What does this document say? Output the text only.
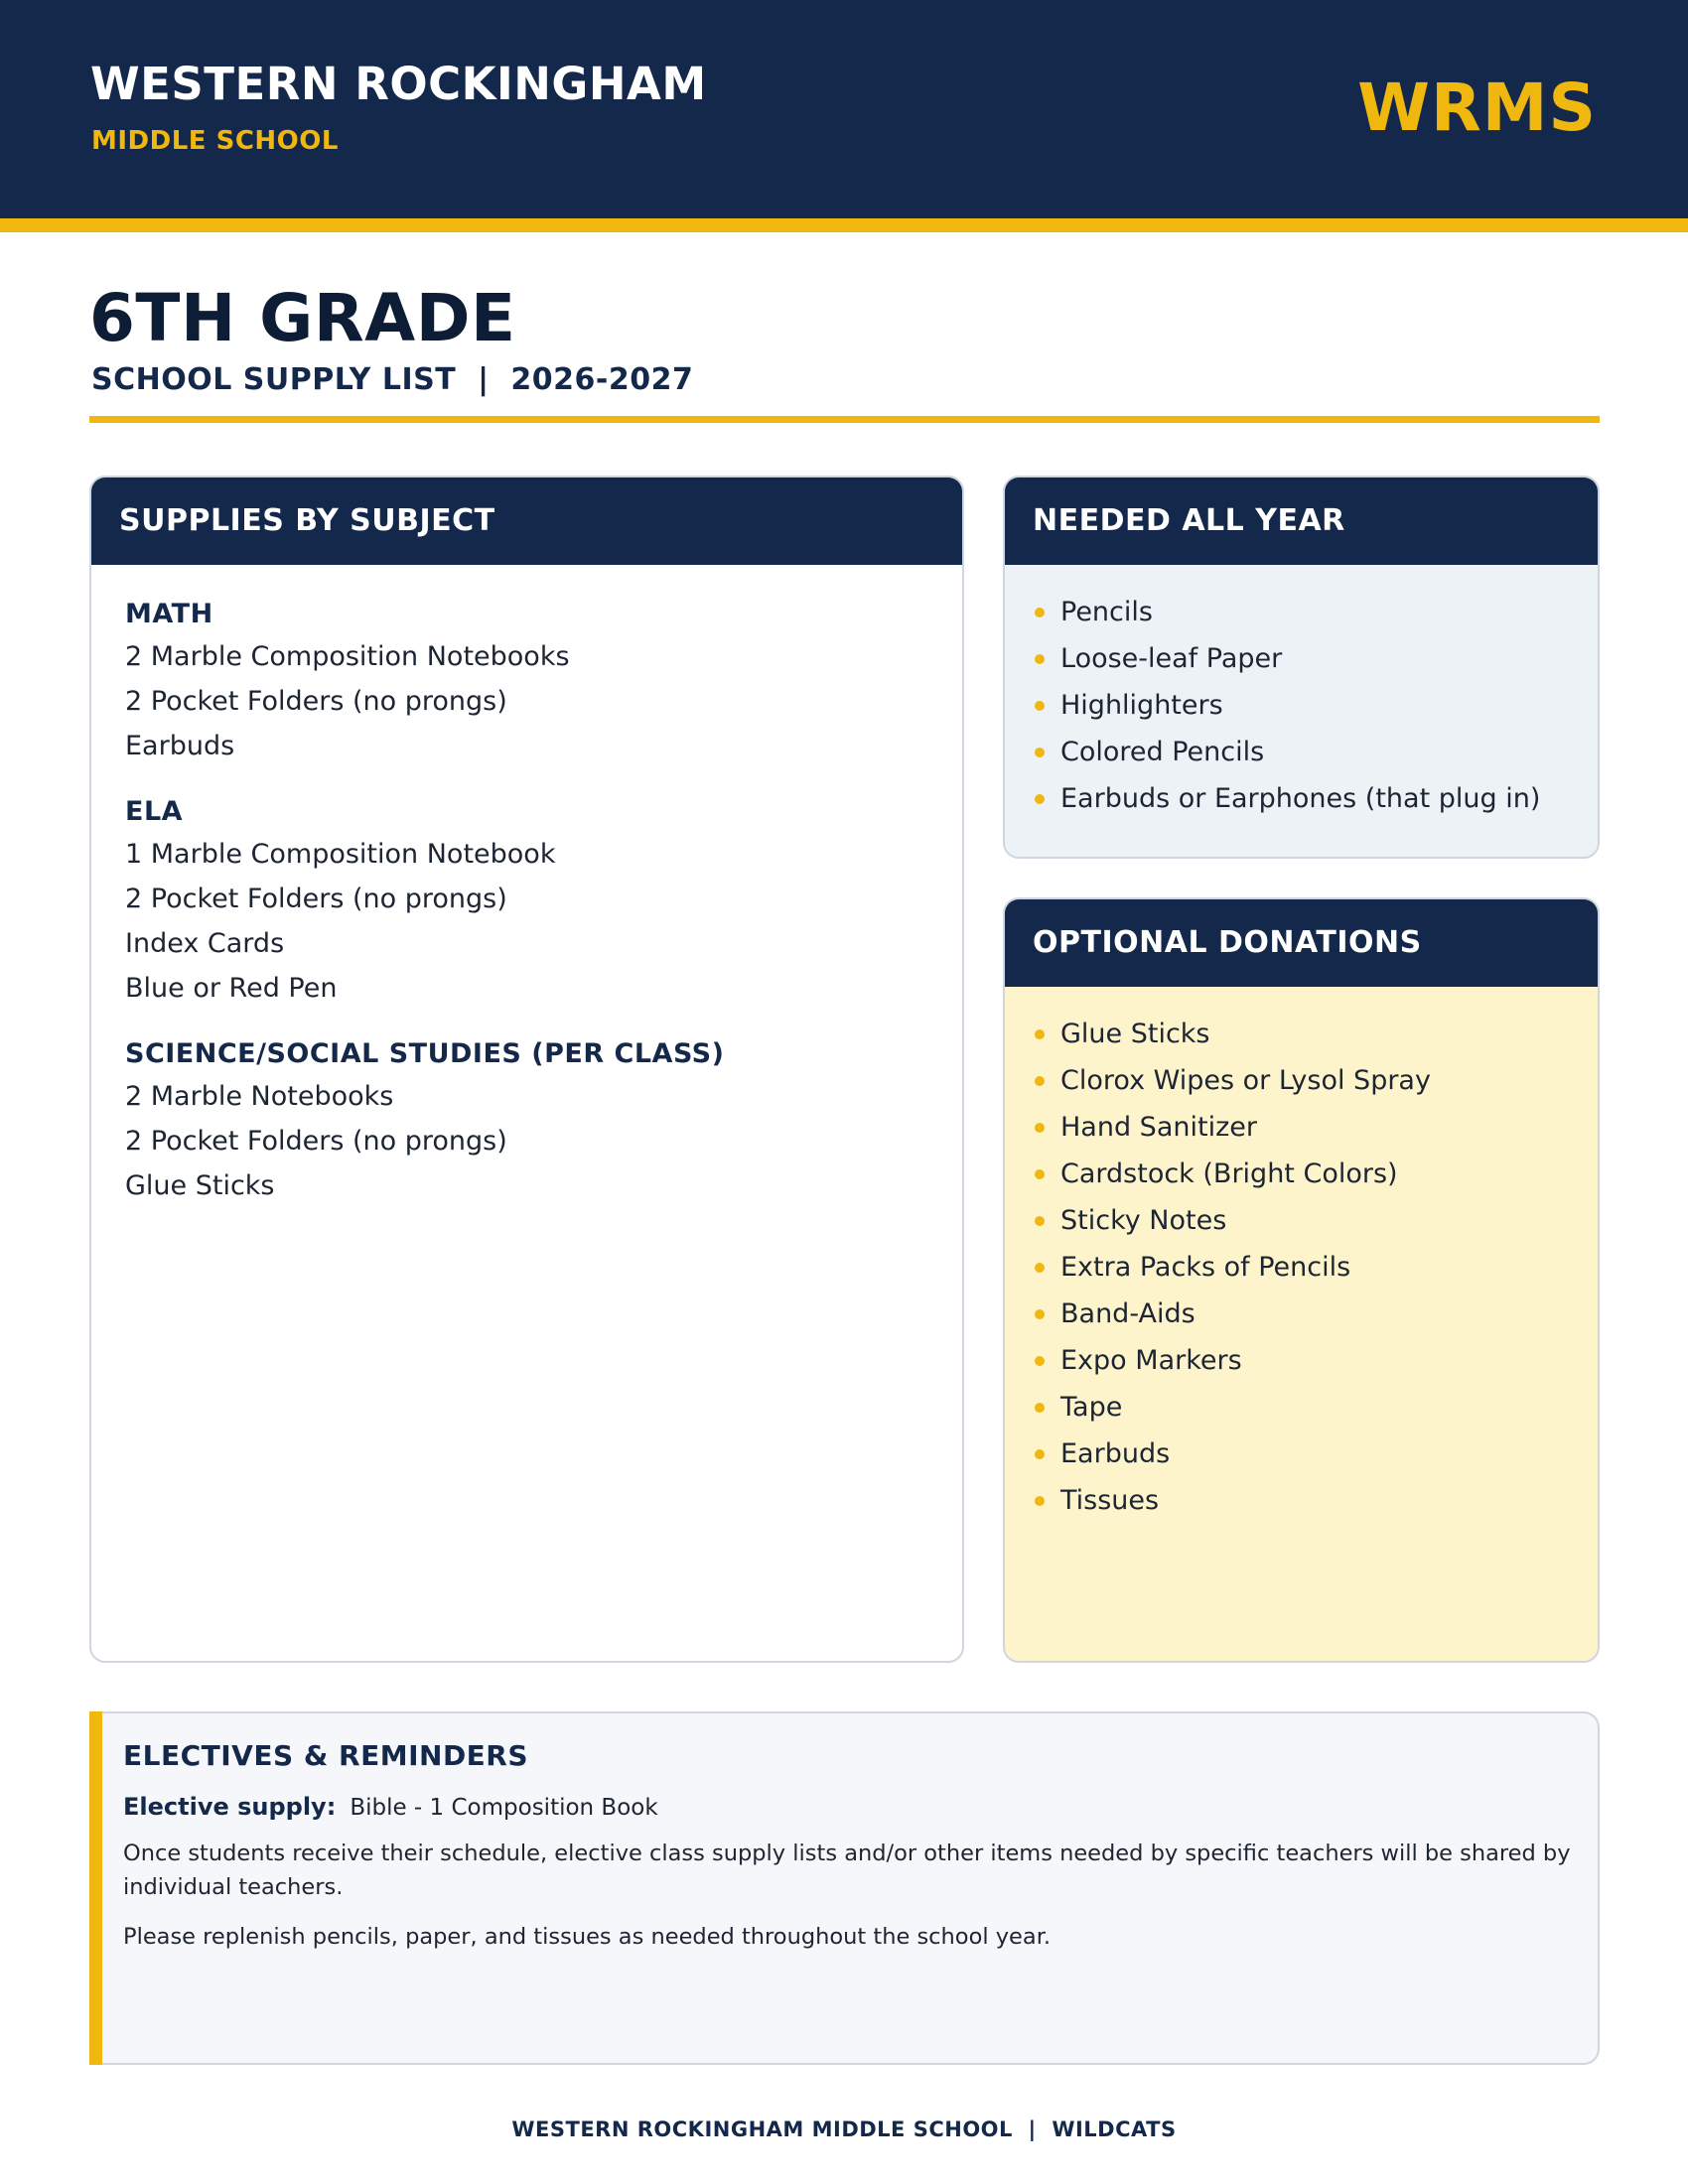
WESTERN ROCKINGHAM
MIDDLE SCHOOL	WRMS
6TH GRADE
SCHOOL SUPPLY LIST  |  2026-2027
SUPPLIES BY SUBJECT
MATH
2 Marble Composition Notebooks
2 Pocket Folders (no prongs)
Earbuds
ELA
1 Marble Composition Notebook
2 Pocket Folders (no prongs)
Index Cards
Blue or Red Pen
SCIENCE/SOCIAL STUDIES (PER CLASS)
2 Marble Notebooks
2 Pocket Folders (no prongs)
Glue Sticks
NEEDED ALL YEAR
Pencils
Loose-leaf Paper
Highlighters
Colored Pencils
Earbuds or Earphones (that plug in)
OPTIONAL DONATIONS
Glue Sticks
Clorox Wipes or Lysol Spray
Hand Sanitizer
Cardstock (Bright Colors)
Sticky Notes
Extra Packs of Pencils
Band-Aids
Expo Markers
Tape
Earbuds
Tissues
ELECTIVES & REMINDERS
Elective supply: Bible - 1 Composition Book
Once students receive their schedule, elective class supply lists and/or other items needed by specific teachers will be shared by individual teachers.
Please replenish pencils, paper, and tissues as needed throughout the school year.
WESTERN ROCKINGHAM MIDDLE SCHOOL  |  WILDCATS
